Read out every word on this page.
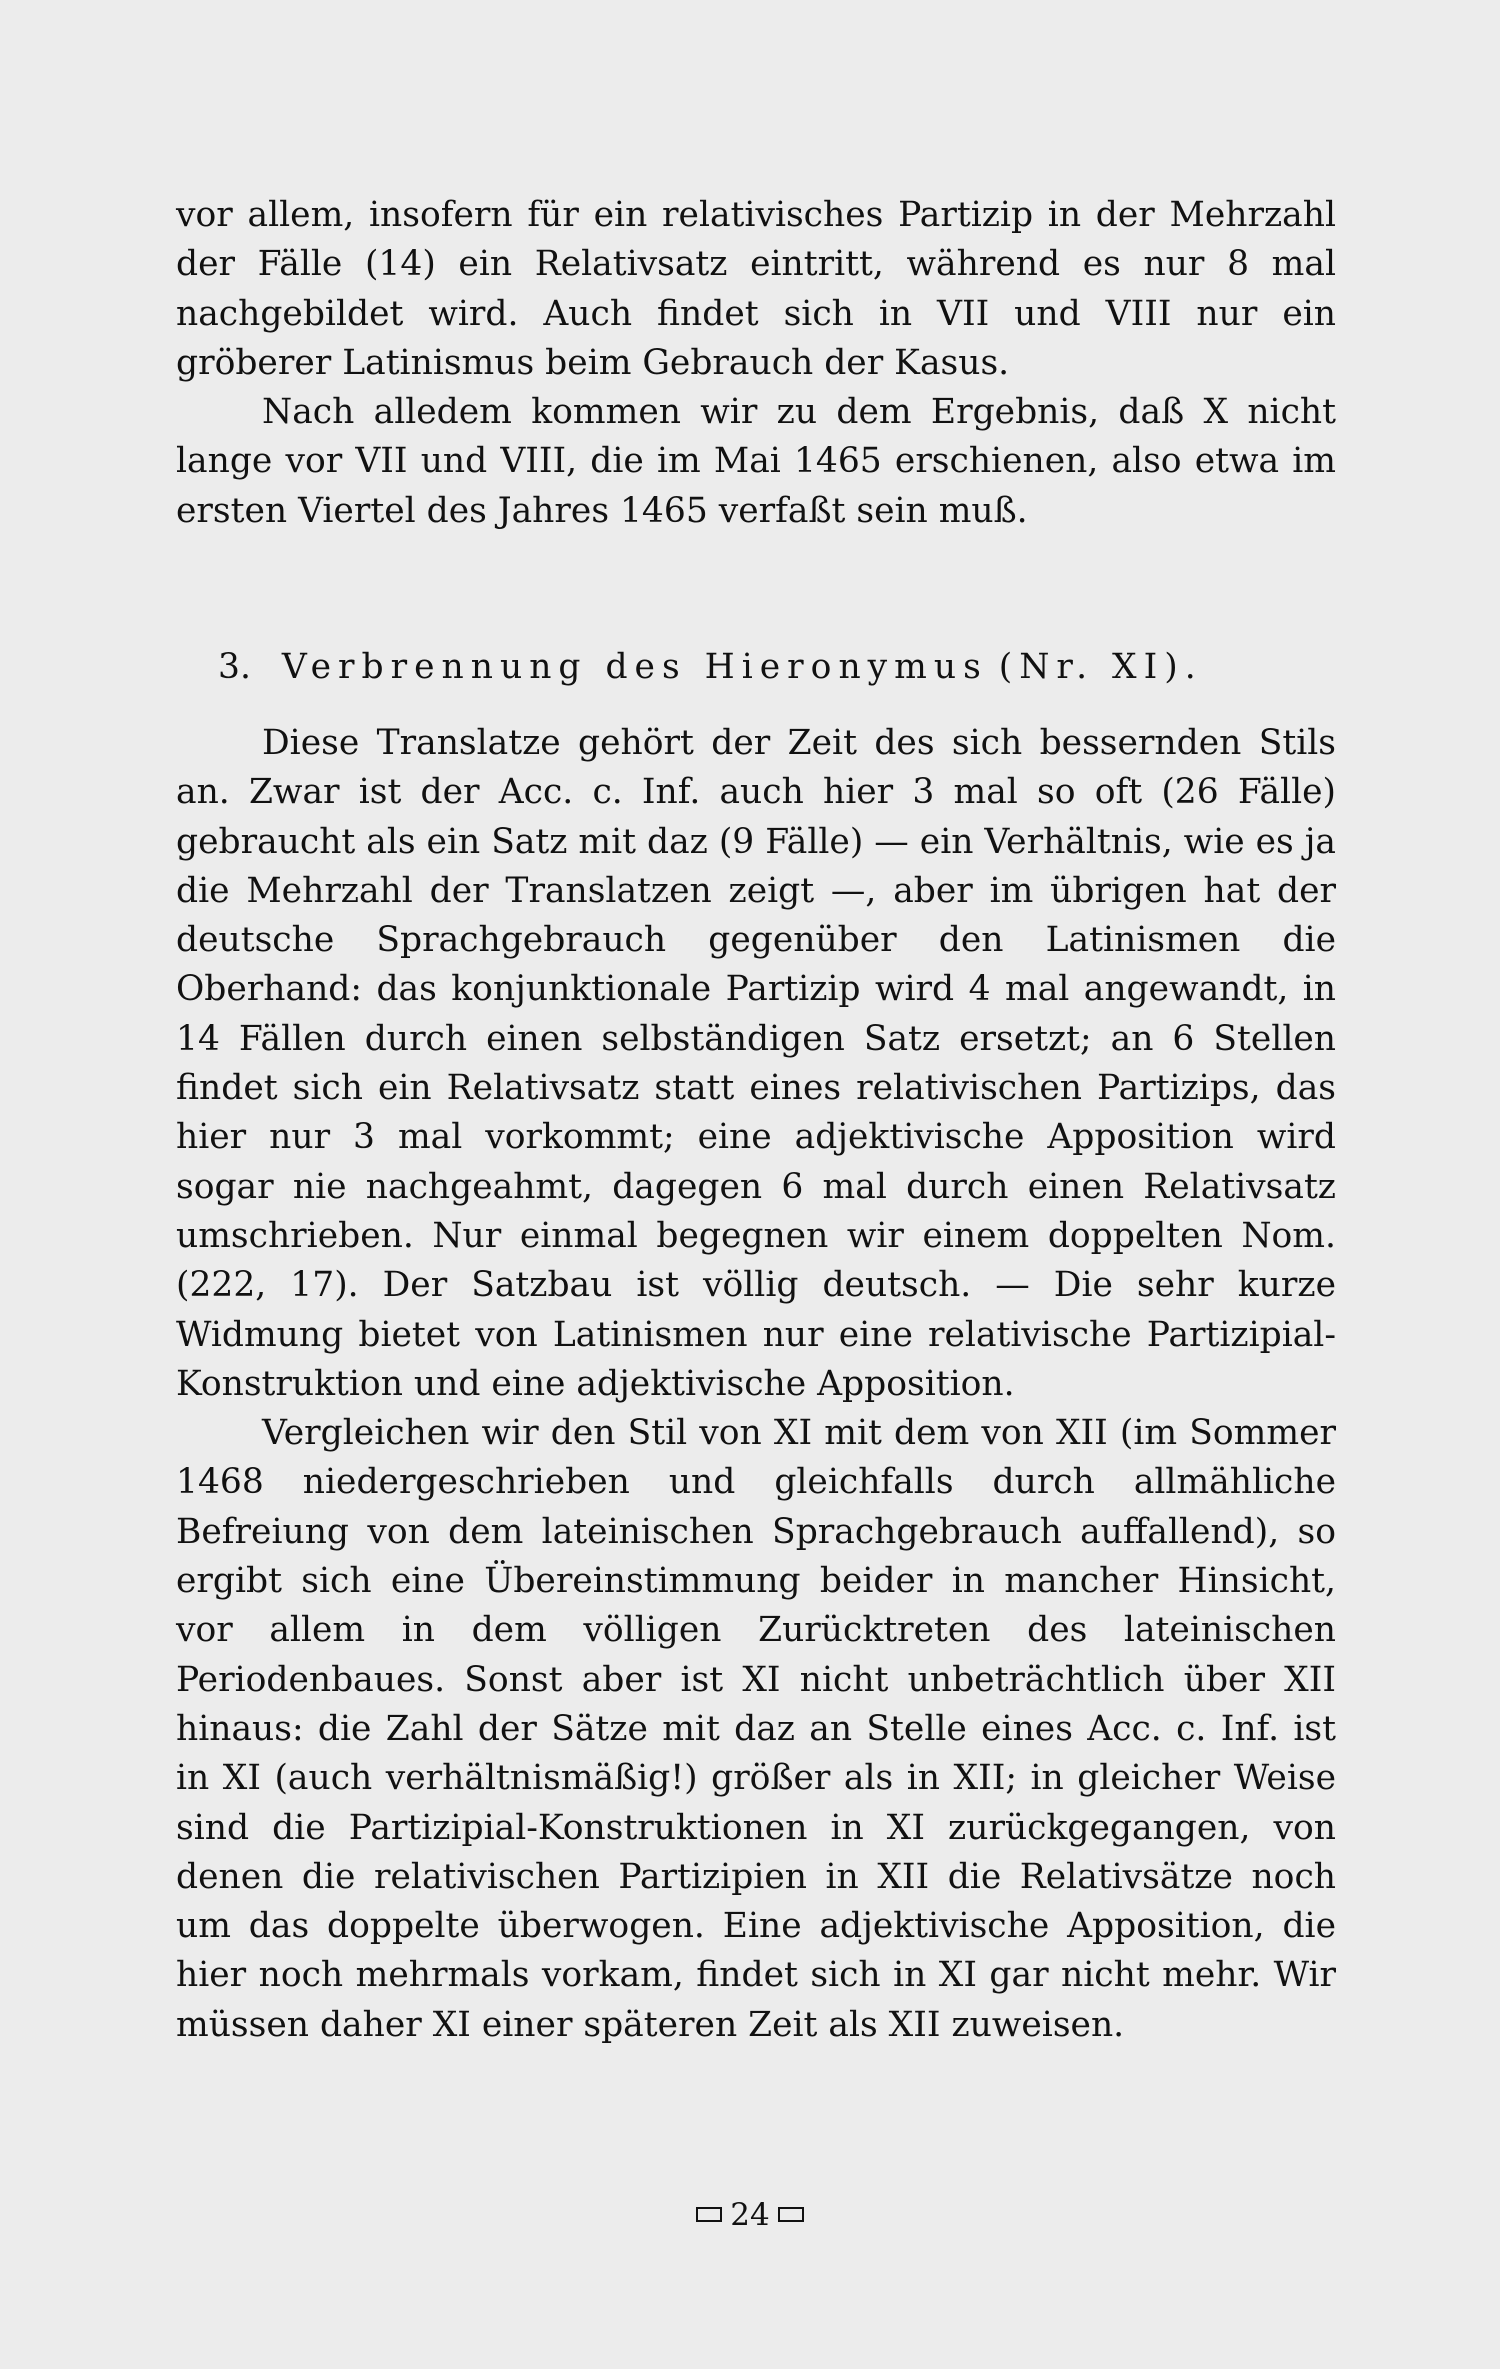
vor allem, insofern für ein relativisches Partizip in der Mehrzahl der Fälle (14) ein Relativsatz eintritt, während es nur 8 mal nachgebildet wird. Auch findet sich in VII und VIII nur ein gröberer Latinismus beim Gebrauch der Kasus.

Nach alledem kommen wir zu dem Ergebnis, daß X nicht lange vor VII und VIII, die im Mai 1465 erschienen, also etwa im ersten Viertel des Jahres 1465 verfaßt sein muß.

3. Verbrennung des Hieronymus (Nr. XI).

Diese Translatze gehört der Zeit des sich bessernden Stils an. Zwar ist der Acc. c. Inf. auch hier 3 mal so oft (26 Fälle) gebraucht als ein Satz mit daz (9 Fälle) — ein Verhältnis, wie es ja die Mehrzahl der Translatzen zeigt —, aber im übrigen hat der deutsche Sprachgebrauch gegenüber den Latinismen die Oberhand: das konjunktionale Partizip wird 4 mal angewandt, in 14 Fällen durch einen selbständigen Satz ersetzt; an 6 Stellen findet sich ein Relativsatz statt eines relativischen Partizips, das hier nur 3 mal vorkommt; eine adjektivische Apposition wird sogar nie nachgeahmt, dagegen 6 mal durch einen Relativsatz umschrieben. Nur einmal begegnen wir einem doppelten Nom. (222, 17). Der Satzbau ist völlig deutsch. — Die sehr kurze Widmung bietet von Latinismen nur eine relativische Partizipial-Konstruktion und eine adjektivische Apposition.

Vergleichen wir den Stil von XI mit dem von XII (im Sommer 1468 niedergeschrieben und gleichfalls durch allmähliche Befreiung von dem lateinischen Sprachgebrauch auffallend), so ergibt sich eine Übereinstimmung beider in mancher Hinsicht, vor allem in dem völligen Zurücktreten des lateinischen Periodenbaues. Sonst aber ist XI nicht unbeträchtlich über XII hinaus: die Zahl der Sätze mit daz an Stelle eines Acc. c. Inf. ist in XI (auch verhältnismäßig!) größer als in XII; in gleicher Weise sind die Partizipial-Konstruktionen in XI zurückgegangen, von denen die relativischen Partizipien in XII die Relativsätze noch um das doppelte überwogen. Eine adjektivische Apposition, die hier noch mehrmals vorkam, findet sich in XI gar nicht mehr. Wir müssen daher XI einer späteren Zeit als XII zuweisen.

24
